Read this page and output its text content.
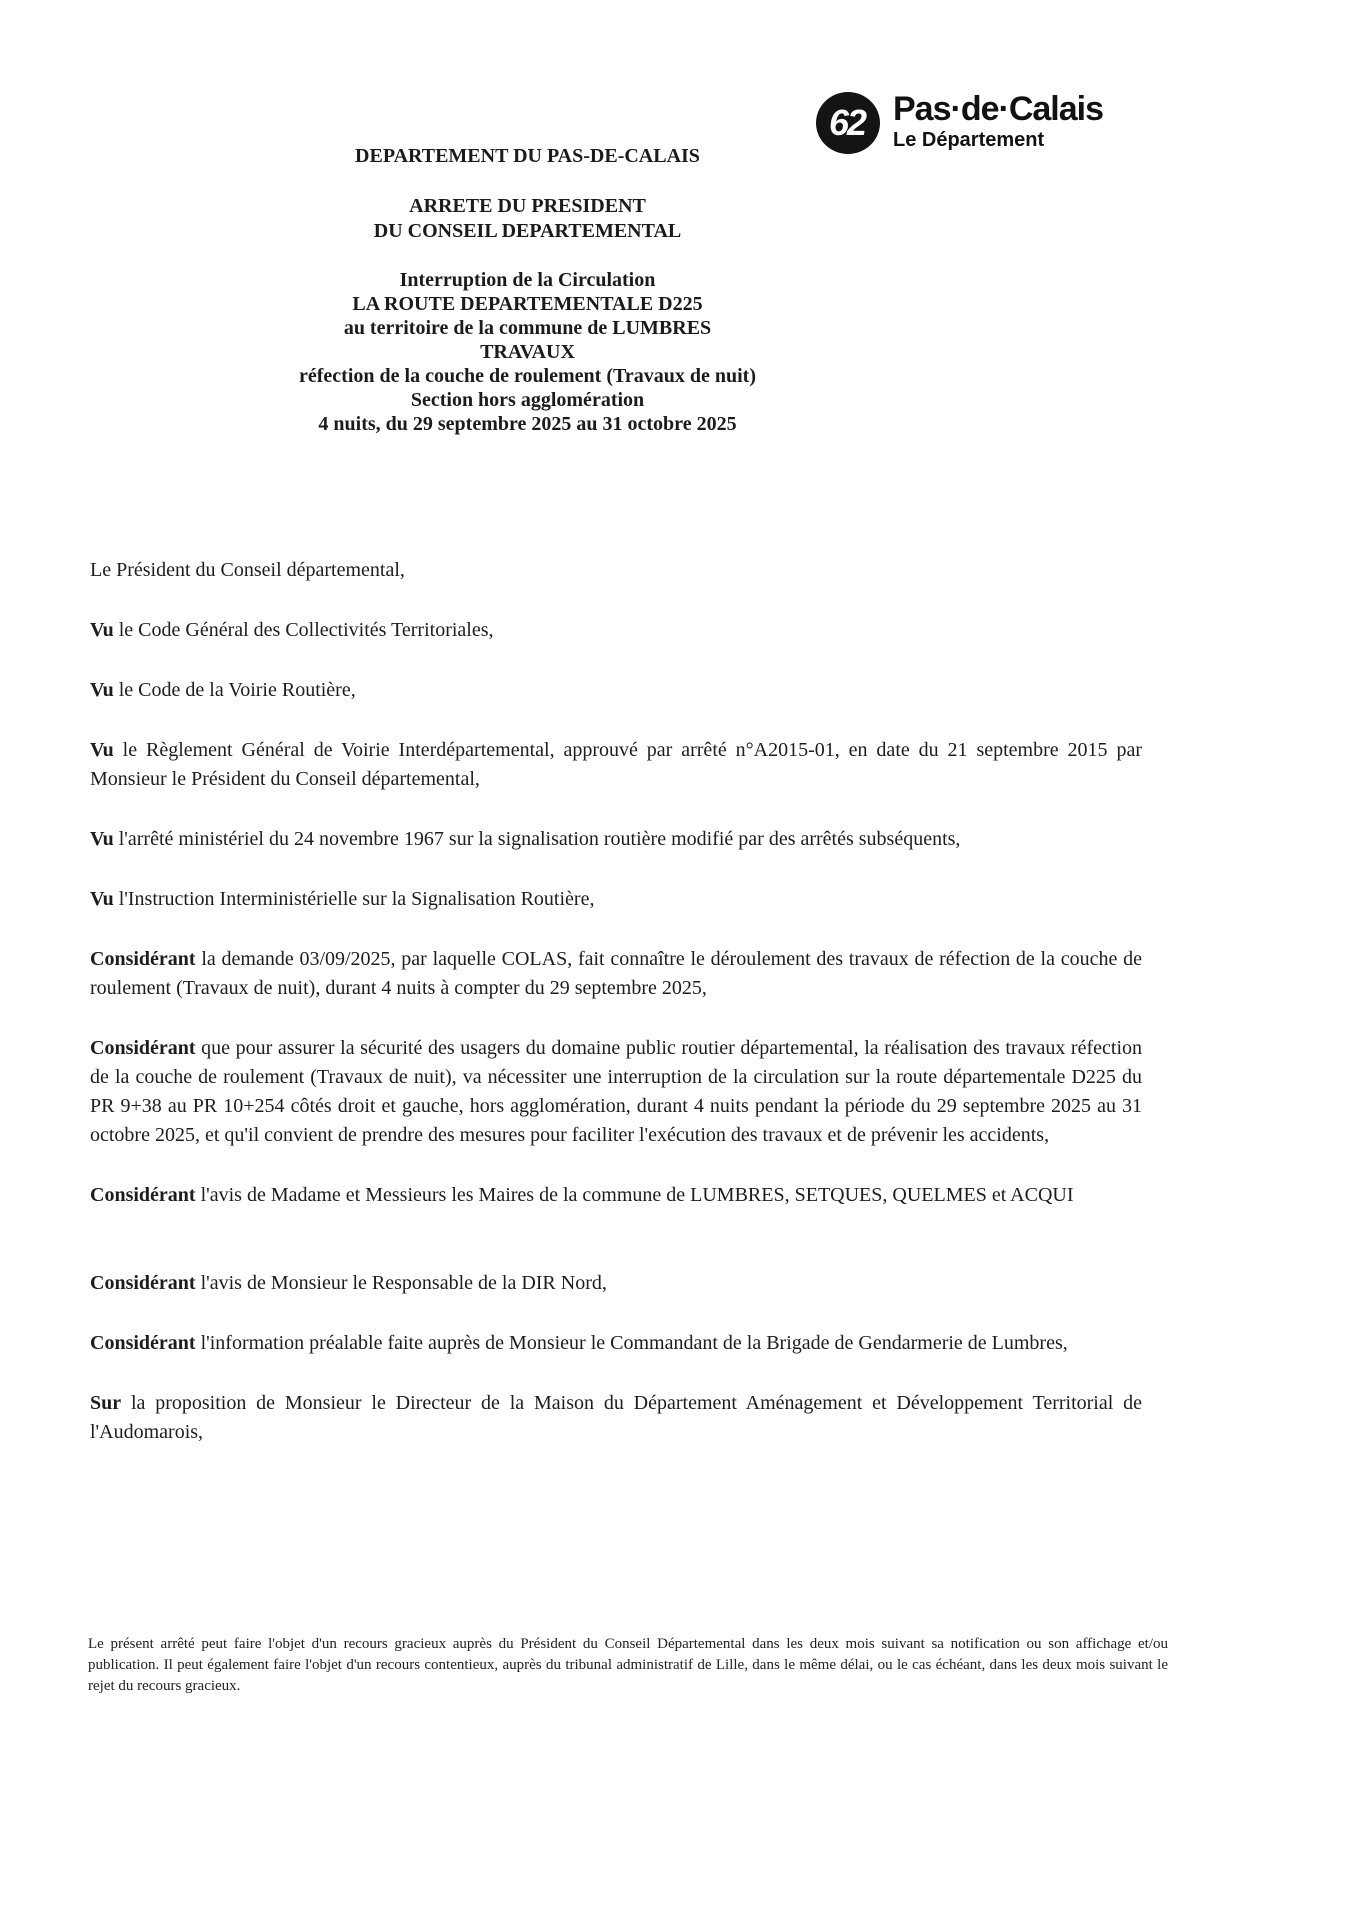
62 Pas·de·Calais
Le Département
DEPARTEMENT DU PAS-DE-CALAIS
ARRETE DU PRESIDENT
DU CONSEIL DEPARTEMENTAL
Interruption de la Circulation
LA ROUTE DEPARTEMENTALE D225
au territoire de la commune de LUMBRES
TRAVAUX
réfection de la couche de roulement (Travaux de nuit)
Section hors agglomération
4 nuits, du 29 septembre 2025 au 31 octobre 2025

Le Président du Conseil départemental,

Vu le Code Général des Collectivités Territoriales,

Vu le Code de la Voirie Routière,

Vu le Règlement Général de Voirie Interdépartemental, approuvé par arrêté n°A2015-01, en date du 21 septembre 2015 par Monsieur le Président du Conseil départemental,

Vu l'arrêté ministériel du 24 novembre 1967 sur la signalisation routière modifié par des arrêtés subséquents,

Vu l'Instruction Interministérielle sur la Signalisation Routière,

Considérant la demande 03/09/2025, par laquelle COLAS, fait connaître le déroulement des travaux de réfection de la couche de roulement (Travaux de nuit), durant 4 nuits à compter du 29 septembre 2025,

Considérant que pour assurer la sécurité des usagers du domaine public routier départemental, la réalisation des travaux réfection de la couche de roulement (Travaux de nuit), va nécessiter une interruption de la circulation sur la route départementale D225 du PR 9+38 au PR 10+254 côtés droit et gauche, hors agglomération, durant 4 nuits pendant la période du 29 septembre 2025 au 31 octobre 2025, et qu'il convient de prendre des mesures pour faciliter l'exécution des travaux et de prévenir les accidents,

Considérant l'avis de Madame et Messieurs les Maires de la commune de LUMBRES, SETQUES, QUELMES et ACQUI

Considérant l'avis de Monsieur le Responsable de la DIR Nord,

Considérant l'information préalable faite auprès de Monsieur le Commandant de la Brigade de Gendarmerie de Lumbres,

Sur la proposition de Monsieur le Directeur de la Maison du Département Aménagement et Développement Territorial de l'Audomarois,

Le présent arrêté peut faire l'objet d'un recours gracieux auprès du Président du Conseil Départemental dans les deux mois suivant sa notification ou son affichage et/ou publication. Il peut également faire l'objet d'un recours contentieux, auprès du tribunal administratif de Lille, dans le même délai, ou le cas échéant, dans les deux mois suivant le rejet du recours gracieux.
